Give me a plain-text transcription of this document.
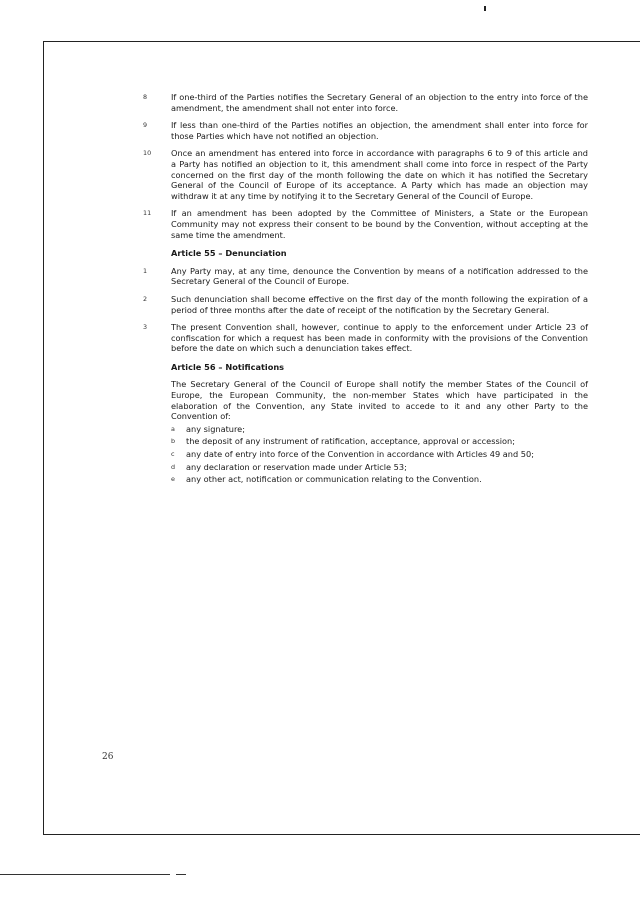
8	If one-third of the Parties notifies the Secretary General of an objection to the entry into force of the amendment, the amendment shall not enter into force.
9	If less than one-third of the Parties notifies an objection, the amendment shall enter into force for those Parties which have not notified an objection.
10 Once an amendment has entered into force in accordance with paragraphs 6 to 9 of this article and a Party has notified an objection to it, this amendment shall come into force in respect of the Party concerned on the first day of the month following the date on which it has notified the Secretary General of the Council of Europe of its acceptance. A Party which has made an objection may withdraw it at any time by notifying it to the Secretary General of the Council of Europe.
11 If an amendment has been adopted by the Committee of Ministers, a State or the European Community may not express their consent to be bound by the Convention, without accepting at the same time the amendment.
Article 55 – Denunciation
1	Any Party may, at any time, denounce the Convention by means of a notification addressed to the Secretary General of the Council of Europe.
2	Such denunciation shall become effective on the first day of the month following the expiration of a period of three months after the date of receipt of the notification by the Secretary General.
3	The present Convention shall, however, continue to apply to the enforcement under Article 23 of confiscation for which a request has been made in conformity with the provisions of the Convention before the date on which such a denunciation takes effect.
Article 56 – Notifications
The Secretary General of the Council of Europe shall notify the member States of the Council of Europe, the European Community, the non-member States which have participated in the elaboration of the Convention, any State invited to accede to it and any other Party to the Convention of:
a any signature;
b the deposit of any instrument of ratification, acceptance, approval or accession;
c any date of entry into force of the Convention in accordance with Articles 49 and 50;
d any declaration or reservation made under Article 53;
e any other act, notification or communication relating to the Convention.
26
